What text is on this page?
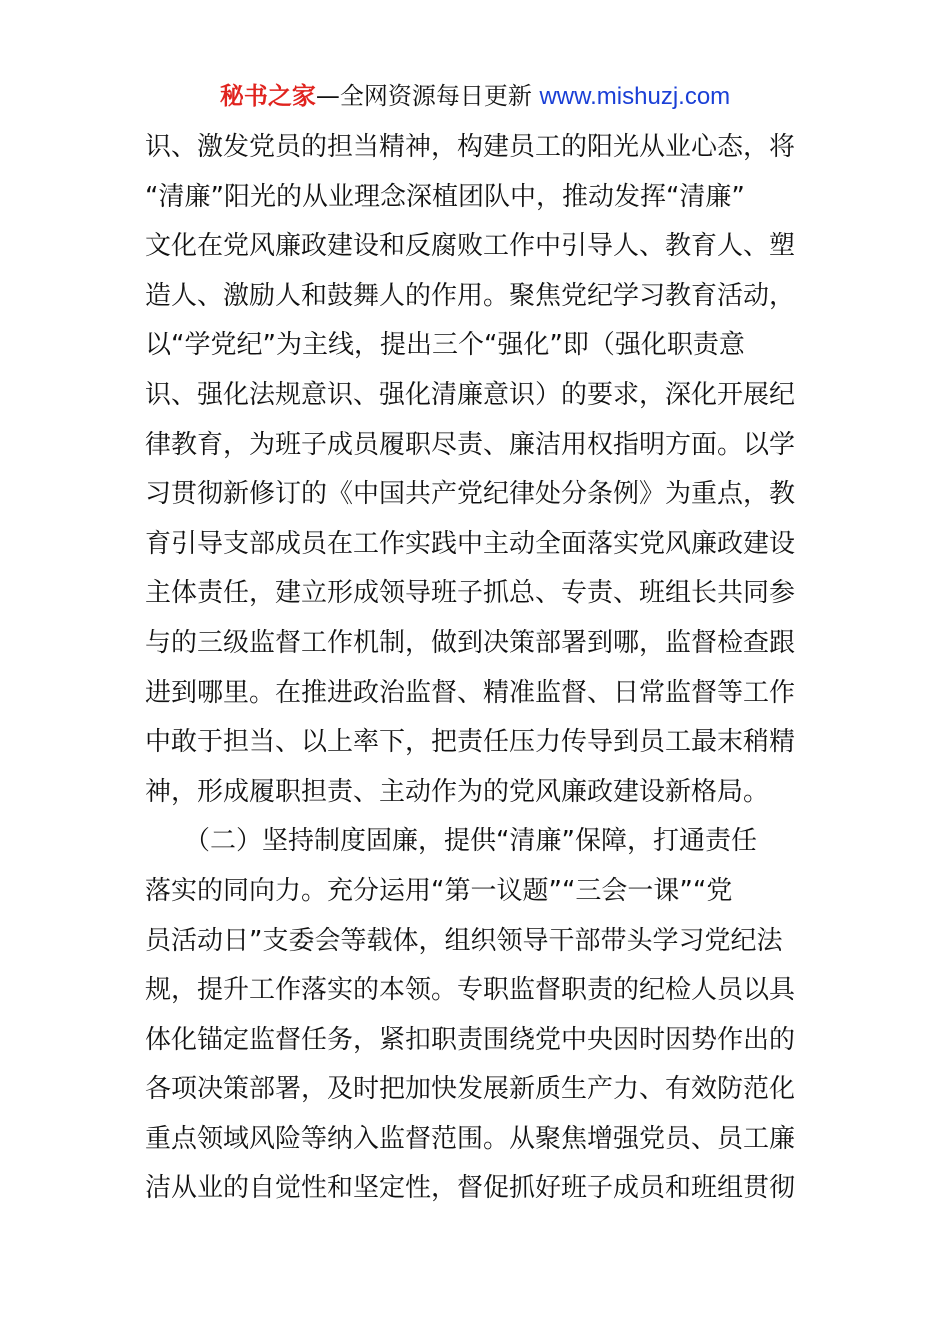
秘书之家—全网资源每日更新 www.mishuzj.com
识、激发党员的担当精神，构建员工的阳光从业心态，将
“清廉”阳光的从业理念深植团队中，推动发挥“清廉”
文化在党风廉政建设和反腐败工作中引导人、教育人、塑
造人、激励人和鼓舞人的作用。聚焦党纪学习教育活动，
以“学党纪”为主线，提出三个“强化”即（强化职责意
识、强化法规意识、强化清廉意识）的要求，深化开展纪
律教育，为班子成员履职尽责、廉洁用权指明方面。以学
习贯彻新修订的《中国共产党纪律处分条例》为重点，教
育引导支部成员在工作实践中主动全面落实党风廉政建设
主体责任，建立形成领导班子抓总、专责、班组长共同参
与的三级监督工作机制，做到决策部署到哪，监督检查跟
进到哪里。在推进政治监督、精准监督、日常监督等工作
中敢于担当、以上率下，把责任压力传导到员工最末稍精
神，形成履职担责、主动作为的党风廉政建设新格局。
　　（二）坚持制度固廉，提供“清廉”保障，打通责任
落实的同向力。充分运用“第一议题”“三会一课”“党
员活动日”支委会等载体，组织领导干部带头学习党纪法
规，提升工作落实的本领。专职监督职责的纪检人员以具
体化锚定监督任务，紧扣职责围绕党中央因时因势作出的
各项决策部署，及时把加快发展新质生产力、有效防范化
重点领域风险等纳入监督范围。从聚焦增强党员、员工廉
洁从业的自觉性和坚定性，督促抓好班子成员和班组贯彻
